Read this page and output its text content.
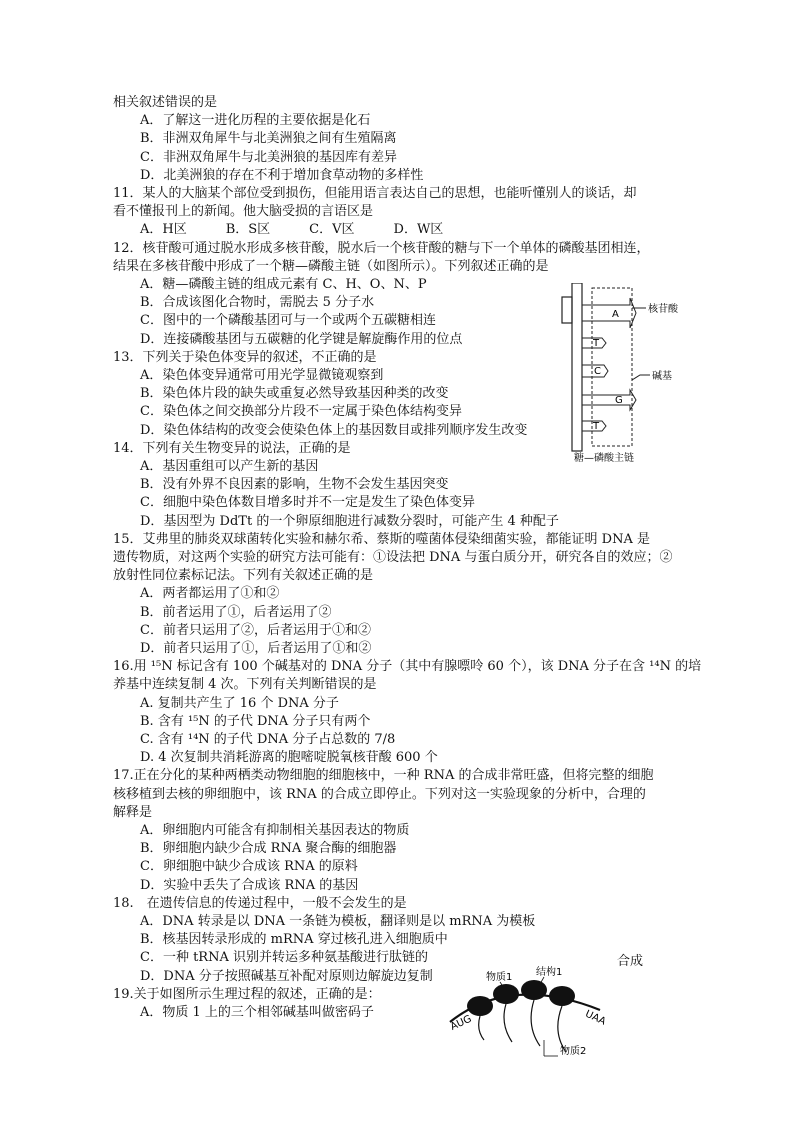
相关叙述错误的是
A．了解这一进化历程的主要依据是化石
B．非洲双角犀牛与北美洲狼之间有生殖隔离
C．非洲双角犀牛与北美洲狼的基因库有差异
D．北美洲狼的存在不利于增加食草动物的多样性
11．某人的大脑某个部位受到损伤，但能用语言表达自己的思想，也能听懂别人的谈话，却
看不懂报刊上的新闻。他大脑受损的言语区是
A．H区　　　B．S区　　　C．V区　　　D．W区
12．核苷酸可通过脱水形成多核苷酸，脱水后一个核苷酸的糖与下一个单体的磷酸基团相连，
结果在多核苷酸中形成了一个糖—磷酸主链（如图所示）。下列叙述正确的是
A．糖—磷酸主链的组成元素有 C、H、O、N、P
B．合成该图化合物时，需脱去 5 分子水
C．图中的一个磷酸基团可与一个或两个五碳糖相连
D．连接磷酸基团与五碳糖的化学键是解旋酶作用的位点
13．下列关于染色体变异的叙述，不正确的是
A．染色体变异通常可用光学显微镜观察到
B．染色体片段的缺失或重复必然导致基因种类的改变
C．染色体之间交换部分片段不一定属于染色体结构变异
D．染色体结构的改变会使染色体上的基因数目或排列顺序发生改变
14．下列有关生物变异的说法，正确的是
A．基因重组可以产生新的基因
B．没有外界不良因素的影响，生物不会发生基因突变
C．细胞中染色体数目增多时并不一定是发生了染色体变异
D．基因型为 DdTt 的一个卵原细胞进行减数分裂时，可能产生 4 种配子
15．艾弗里的肺炎双球菌转化实验和赫尔希、蔡斯的噬菌体侵染细菌实验，都能证明 DNA 是
遗传物质，对这两个实验的研究方法可能有：①设法把 DNA 与蛋白质分开，研究各自的效应；②
放射性同位素标记法。下列有关叙述正确的是
A．两者都运用了①和②
B．前者运用了①，后者运用了②
C．前者只运用了②，后者运用于①和②
D．前者只运用了①，后者运用了①和②
16.用 ¹⁵N 标记含有 100 个碱基对的 DNA 分子（其中有腺嘌呤 60 个），该 DNA 分子在含 ¹⁴N 的培
养基中连续复制 4 次。下列有关判断错误的是
A. 复制共产生了 16 个 DNA 分子
B. 含有 ¹⁵N 的子代 DNA 分子只有两个
C. 含有 ¹⁴N 的子代 DNA 分子占总数的 7/8
D. 4 次复制共消耗游离的胞嘧啶脱氧核苷酸 600 个
17.正在分化的某种两栖类动物细胞的细胞核中，一种 RNA 的合成非常旺盛，但将完整的细胞
核移植到去核的卵细胞中，该 RNA 的合成立即停止。下列对这一实验现象的分析中，合理的
解释是
A．卵细胞内可能含有抑制相关基因表达的物质
B．卵细胞内缺少合成 RNA 聚合酶的细胞器
C．卵细胞中缺少合成该 RNA 的原料
D．实验中丢失了合成该 RNA 的基因
18.　在遗传信息的传递过程中，一般不会发生的是
A．DNA 转录是以 DNA 一条链为模板，翻译则是以 mRNA 为模板
B．核基因转录形成的 mRNA 穿过核孔进入细胞质中
C．一种 tRNA 识别并转运多种氨基酸进行肽链的
D．DNA 分子按照碱基互补配对原则边解旋边复制
19.关于如图所示生理过程的叙述，正确的是：
A．物质 1 上的三个相邻碱基叫做密码子
合成
A
T
C
G
T
核苷酸
碱基
糖—磷酸主链
AUG	UAA
物质1 结构1
物质2
